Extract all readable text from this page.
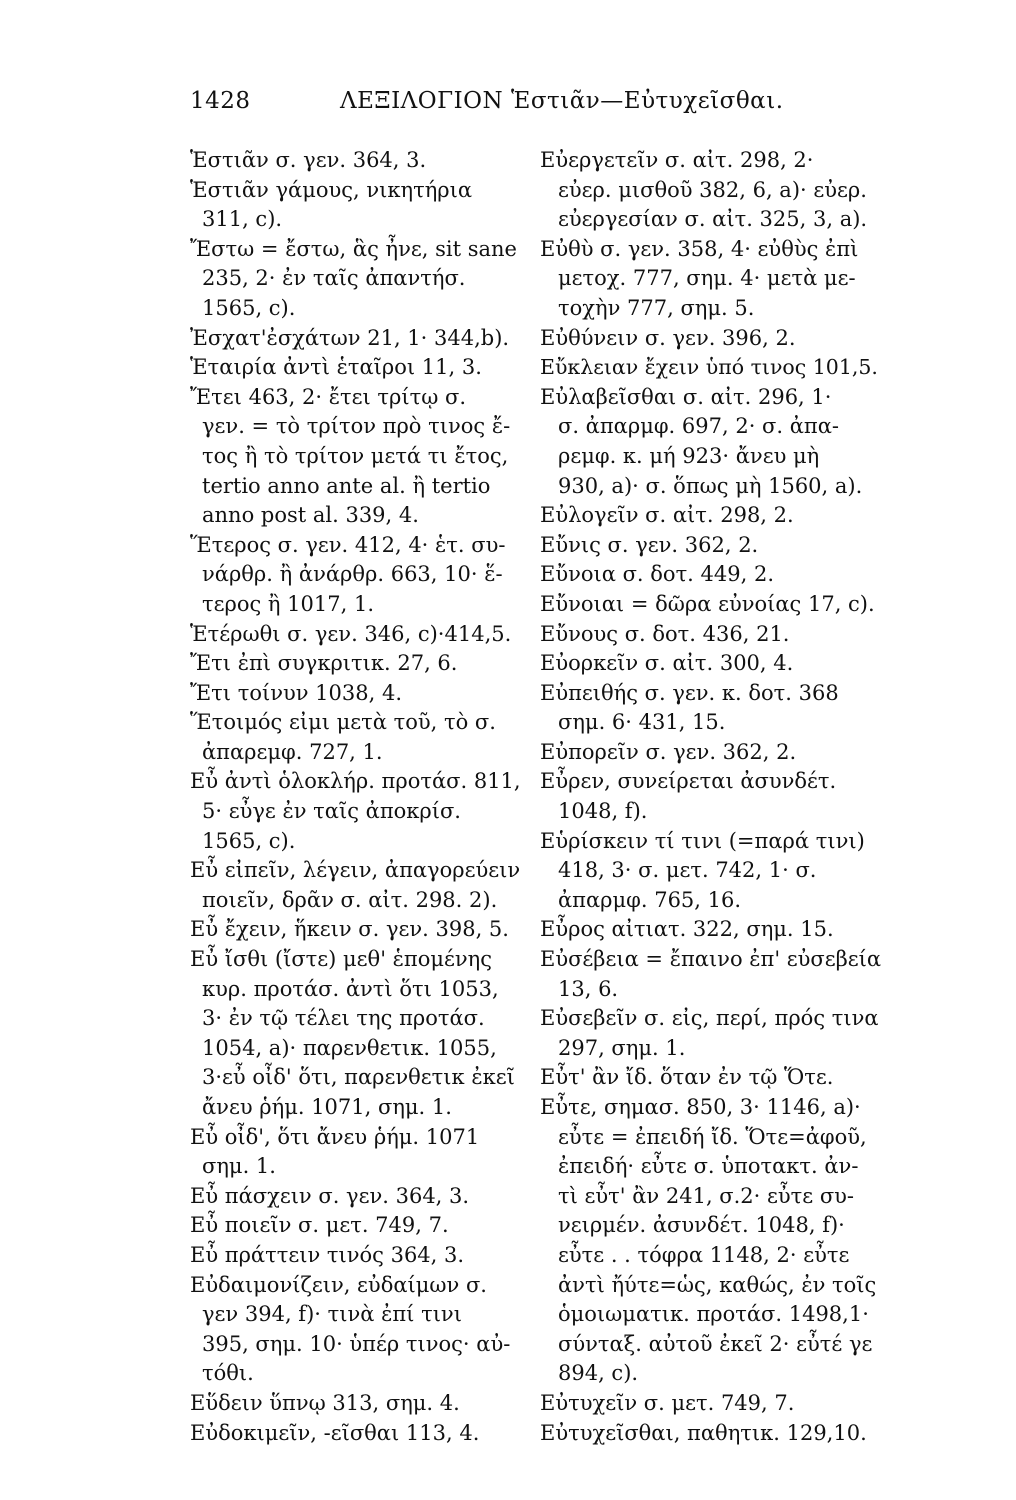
1428	ΛΕΞΙΛΟΓΙΟΝ Ἑστιᾶν—Εὐτυχεῖσθαι.
Ἑστιᾶν σ. γεν. 364, 3.
Ἑστιᾶν γάμους, νικητήρια
311, c).
Ἔστω = ἔστω, ἃς ἦνε, sit sane
235, 2· ἐν ταῖς ἀπαντήσ.
1565, c).
Ἐσχατ'ἐσχάτων 21, 1· 344,b).
Ἑταιρία ἀντὶ ἑταῖροι 11, 3.
Ἔτει 463, 2· ἔτει τρίτῳ σ.
γεν. = τὸ τρίτον πρὸ τινος ἔ-
τος ἢ τὸ τρίτον μετά τι ἔτος,
tertio anno ante al. ἢ tertio
anno post al. 339, 4.
Ἕτερος σ. γεν. 412, 4· ἑτ. συ-
νάρθρ. ἢ ἀνάρθρ. 663, 10· ἕ-
τερος ἢ 1017, 1.
Ἑτέρωθι σ. γεν. 346, c)·414,5.
Ἔτι ἐπὶ συγκριτικ. 27, 6.
Ἔτι τοίνυν 1038, 4.
Ἕτοιμός εἰμι μετὰ τοῦ, τὸ σ.
ἀπαρεμφ. 727, 1.
Εὖ ἀντὶ ὁλοκλήρ. προτάσ. 811,
5· εὖγε ἐν ταῖς ἀποκρίσ.
1565, c).
Εὖ εἰπεῖν, λέγειν, ἀπαγορεύειν
ποιεῖν, δρᾶν σ. αἰτ. 298. 2).
Εὖ ἔχειν, ἥκειν σ. γεν. 398, 5.
Εὖ ἴσθι (ἴστε) μεθ' ἑπομένης
κυρ. προτάσ. ἀντὶ ὅτι 1053,
3· ἐν τῷ τέλει της προτάσ.
1054, a)· παρενθετικ. 1055,
3·εὖ οἶδ' ὅτι, παρενθετικ ἐκεῖ
ἄνευ ῥήμ. 1071, σημ. 1.
Εὖ οἶδ', ὅτι ἄνευ ῥήμ. 1071
σημ. 1.
Εὖ πάσχειν σ. γεν. 364, 3.
Εὖ ποιεῖν σ. μετ. 749, 7.
Εὖ πράττειν τινός 364, 3.
Εὐδαιμονίζειν, εὐδαίμων σ.
γεν 394, f)· τινὰ ἐπί τινι
395, σημ. 10· ὑπέρ τινος· αὐ-
τόθι.
Εὕδειν ὕπνῳ 313, σημ. 4.
Εὐδοκιμεῖν, -εῖσθαι 113, 4.
Εὐεργετεῖν σ. αἰτ. 298, 2·
εὐερ. μισθοῦ 382, 6, a)· εὐερ.
εὐεργεσίαν σ. αἰτ. 325, 3, a).
Εὐθὺ σ. γεν. 358, 4· εὐθὺς ἐπὶ
μετοχ. 777, σημ. 4· μετὰ με-
τοχὴν 777, σημ. 5.
Εὐθύνειν σ. γεν. 396, 2.
Εὔκλειαν ἔχειν ὑπό τινος 101,5.
Εὐλαβεῖσθαι σ. αἰτ. 296, 1·
σ. ἀπαρμφ. 697, 2· σ. ἀπα-
ρεμφ. κ. μή 923· ἄνευ μὴ
930, a)· σ. ὅπως μὴ 1560, a).
Εὐλογεῖν σ. αἰτ. 298, 2.
Εὔνις σ. γεν. 362, 2.
Εὔνοια σ. δοτ. 449, 2.
Εὔνοιαι = δῶρα εὐνοίας 17, c).
Εὔνους σ. δοτ. 436, 21.
Εὐορκεῖν σ. αἰτ. 300, 4.
Εὐπειθής σ. γεν. κ. δοτ. 368
σημ. 6· 431, 15.
Εὐπορεῖν σ. γεν. 362, 2.
Εὖρεν, συνείρεται ἀσυνδέτ.
1048, f).
Εὑρίσκειν τί τινι (=παρά τινι)
418, 3· σ. μετ. 742, 1· σ.
ἀπαρμφ. 765, 16.
Εὖρος αἰτιατ. 322, σημ. 15.
Εὐσέβεια = ἔπαινο ἐπ' εὐσεβεία
13, 6.
Εὐσεβεῖν σ. εἰς, περί, πρός τινα
297, σημ. 1.
Εὖτ' ἂν ἴδ. ὅταν ἐν τῷ Ὅτε.
Εὖτε, σημασ. 850, 3· 1146, a)·
εὖτε = ἐπειδή ἴδ. Ὅτε=ἀφοῦ,
ἐπειδή· εὖτε σ. ὑποτακτ. ἀν-
τὶ εὖτ' ἂν 241, σ.2· εὖτε συ-
νειρμέν. ἀσυνδέτ. 1048, f)·
εὖτε . . τόφρα 1148, 2· εὖτε
ἀντὶ ἤύτε=ὡς, καθώς, ἐν τοῖς
ὁμοιωματικ. προτάσ. 1498,1·
σύνταξ. αὐτοῦ ἐκεῖ 2· εὖτέ γε
894, c).
Εὐτυχεῖν σ. μετ. 749, 7.
Εὐτυχεῖσθαι, παθητικ. 129,10.
